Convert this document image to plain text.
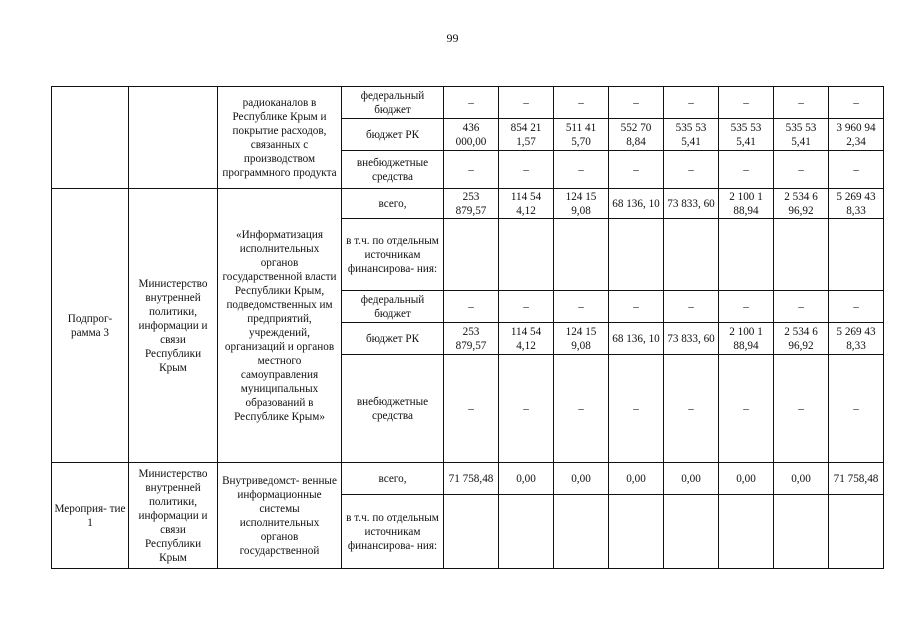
99
		радиоканалов в Республике Крым и покрытие расходов, связанных с производством программного продукта	федеральный бюджет	–	–	–	–	–	–	–	–
			бюджет РК	436 000,00	854 21 1,57	511 41 5,70	552 70 8,84	535 53 5,41	535 53 5,41	535 53 5,41	3 960 94 2,34
			внебюджетные средства	–	–	–	–	–	–	–	–
Подпрог- рамма 3	Министерство внутренней политики, информации и связи Республики Крым	«Информатизация исполнительных органов государственной власти Республики Крым, подведомственных им предприятий, учреждений, организаций и органов местного самоуправления муниципальных образований в Республике Крым»	всего,	253 879,57	114 54 4,12	124 15 9,08	68 136, 10	73 833, 60	2 100 1 88,94	2 534 6 96,92	5 269 43 8,33
			в т.ч. по отдельным источникам финансирова- ния:								
			федеральный бюджет	–	–	–	–	–	–	–	–
			бюджет РК	253 879,57	114 54 4,12	124 15 9,08	68 136, 10	73 833, 60	2 100 1 88,94	2 534 6 96,92	5 269 43 8,33
			внебюджетные средства	–	–	–	–	–	–	–	–
Мероприя- тие 1	Министерство внутренней политики, информации и связи Республики Крым	Внутриведомст- венные информационные системы исполнительных органов государственной	всего,	71 758,48	0,00	0,00	0,00	0,00	0,00	0,00	71 758,48
			в т.ч. по отдельным источникам финансирова- ния:								
